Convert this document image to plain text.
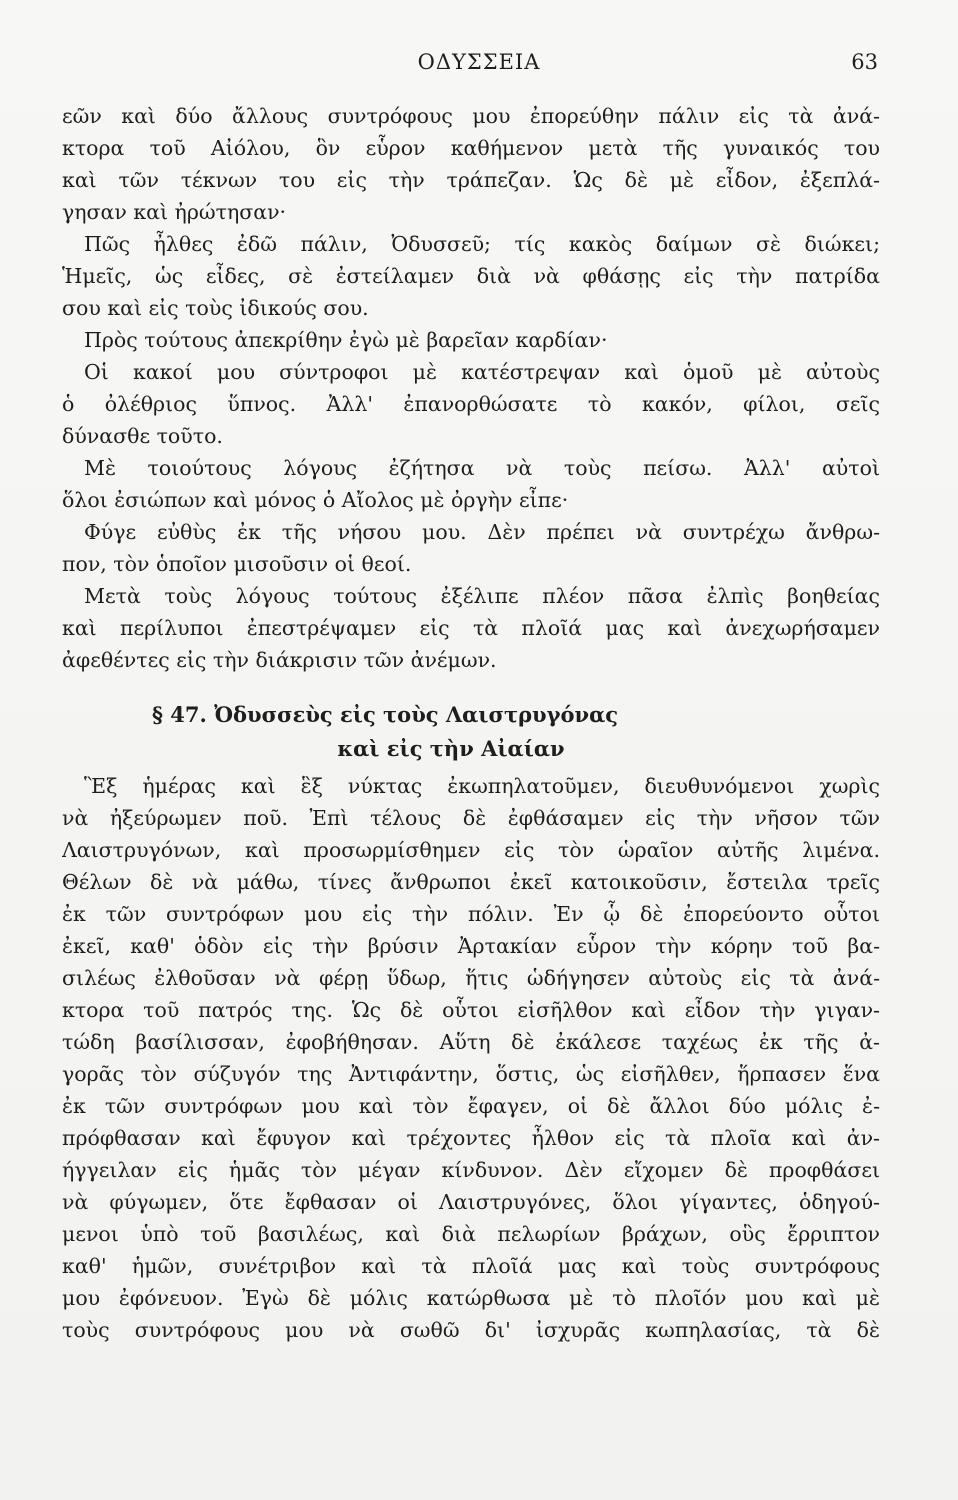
ΟΔΥΣΣΕΙΑ	63
εῶν καὶ δύο ἄλλους συντρόφους μου ἐπορεύθην πάλιν εἰς τὰ ἀνά-
κτορα τοῦ Αἰόλου, ὃν εὗρον καθήμενον μετὰ τῆς γυναικός του
καὶ τῶν τέκνων του εἰς τὴν τράπεζαν. Ὡς δὲ μὲ εἶδον, ἐξεπλά-
γησαν καὶ ἠρώτησαν·
Πῶς ἦλθες ἐδῶ πάλιν, Ὀδυσσεῦ; τίς κακὸς δαίμων σὲ διώκει;
Ἡμεῖς, ὡς εἶδες, σὲ ἐστείλαμεν διὰ νὰ φθάσῃς εἰς τὴν πατρίδα
σου καὶ εἰς τοὺς ἰδικούς σου.
Πρὸς τούτους ἀπεκρίθην ἐγὼ μὲ βαρεῖαν καρδίαν·
Οἱ κακοί μου σύντροφοι μὲ κατέστρεψαν καὶ ὁμοῦ μὲ αὐτοὺς
ὁ ὀλέθριος ὕπνος. Ἀλλ' ἐπανορθώσατε τὸ κακόν, φίλοι, σεῖς
δύνασθε τοῦτο.
Μὲ τοιούτους λόγους ἐζήτησα νὰ τοὺς πείσω. Ἀλλ' αὐτοὶ
ὅλοι ἐσιώπων καὶ μόνος ὁ Αἴολος μὲ ὀργὴν εἶπε·
Φύγε εὐθὺς ἐκ τῆς νήσου μου. Δὲν πρέπει νὰ συντρέχω ἄνθρω-
πον, τὸν ὁποῖον μισοῦσιν οἱ θεοί.
Μετὰ τοὺς λόγους τούτους ἐξέλιπε πλέον πᾶσα ἐλπὶς βοηθείας
καὶ περίλυποι ἐπεστρέψαμεν εἰς τὰ πλοῖά μας καὶ ἀνεχωρήσαμεν
ἀφεθέντες εἰς τὴν διάκρισιν τῶν ἀνέμων.
§ 47. Ὀδυσσεὺς εἰς τοὺς Λαιστρυγόνας
καὶ εἰς τὴν Αἰαίαν
Ἓξ ἡμέρας καὶ ἓξ νύκτας ἐκωπηλατοῦμεν, διευθυνόμενοι χωρὶς
νὰ ἠξεύρωμεν ποῦ. Ἐπὶ τέλους δὲ ἐφθάσαμεν εἰς τὴν νῆσον τῶν
Λαιστρυγόνων, καὶ προσωρμίσθημεν εἰς τὸν ὡραῖον αὐτῆς λιμένα.
Θέλων δὲ νὰ μάθω, τίνες ἄνθρωποι ἐκεῖ κατοικοῦσιν, ἔστειλα τρεῖς
ἐκ τῶν συντρόφων μου εἰς τὴν πόλιν. Ἐν ᾧ δὲ ἐπορεύοντο οὗτοι
ἐκεῖ, καθ' ὁδὸν εἰς τὴν βρύσιν Ἀρτακίαν εὗρον τὴν κόρην τοῦ βα-
σιλέως ἐλθοῦσαν νὰ φέρῃ ὕδωρ, ἥτις ὡδήγησεν αὐτοὺς εἰς τὰ ἀνά-
κτορα τοῦ πατρός της. Ὡς δὲ οὗτοι εἰσῆλθον καὶ εἶδον τὴν γιγαν-
τώδη βασίλισσαν, ἐφοβήθησαν. Αὕτη δὲ ἐκάλεσε ταχέως ἐκ τῆς ἀ-
γορᾶς τὸν σύζυγόν της Ἀντιφάντην, ὅστις, ὡς εἰσῆλθεν, ἥρπασεν ἕνα
ἐκ τῶν συντρόφων μου καὶ τὸν ἔφαγεν, οἱ δὲ ἄλλοι δύο μόλις ἐ-
πρόφθασαν καὶ ἔφυγον καὶ τρέχοντες ἦλθον εἰς τὰ πλοῖα καὶ ἀν-
ήγγειλαν εἰς ἡμᾶς τὸν μέγαν κίνδυνον. Δὲν εἴχομεν δὲ προφθάσει
νὰ φύγωμεν, ὅτε ἔφθασαν οἱ Λαιστρυγόνες, ὅλοι γίγαντες, ὁδηγού-
μενοι ὑπὸ τοῦ βασιλέως, καὶ διὰ πελωρίων βράχων, οὓς ἔρριπτον
καθ' ἡμῶν, συνέτριβον καὶ τὰ πλοῖά μας καὶ τοὺς συντρόφους
μου ἐφόνευον. Ἐγὼ δὲ μόλις κατώρθωσα μὲ τὸ πλοῖόν μου καὶ μὲ
τοὺς συντρόφους μου νὰ σωθῶ δι' ἰσχυρᾶς κωπηλασίας, τὰ δὲ
